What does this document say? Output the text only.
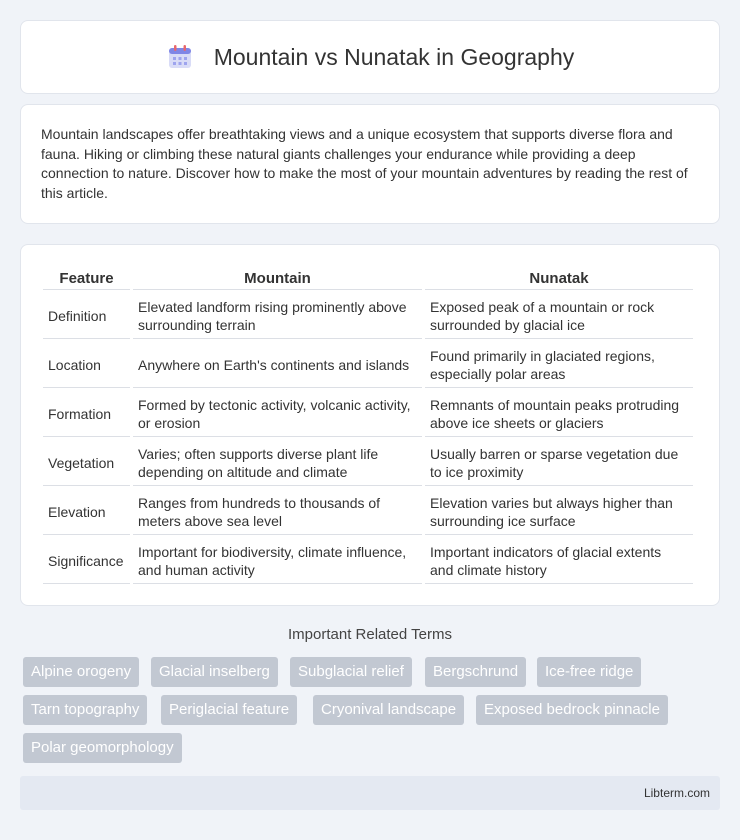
Mountain vs Nunatak in Geography

Mountain landscapes offer breathtaking views and a unique ecosystem that supports diverse flora and fauna. Hiking or climbing these natural giants challenges your endurance while providing a deep connection to nature. Discover how to make the most of your mountain adventures by reading the rest of this article.

Feature	Mountain	Nunatak
Definition	Elevated landform rising prominently above surrounding terrain	Exposed peak of a mountain or rock surrounded by glacial ice
Location	Anywhere on Earth's continents and islands	Found primarily in glaciated regions, especially polar areas
Formation	Formed by tectonic activity, volcanic activity, or erosion	Remnants of mountain peaks protruding above ice sheets or glaciers
Vegetation	Varies; often supports diverse plant life depending on altitude and climate	Usually barren or sparse vegetation due to ice proximity
Elevation	Ranges from hundreds to thousands of meters above sea level	Elevation varies but always higher than surrounding ice surface
Significance	Important for biodiversity, climate influence, and human activity	Important indicators of glacial extents and climate history
Important Related Terms
Alpine orogeny	Glacial inselberg	Subglacial relief	Bergschrund	Ice-free ridge
Tarn topography	Periglacial feature	Cryonival landscape	Exposed bedrock pinnacle
Polar geomorphology
Libterm.com
